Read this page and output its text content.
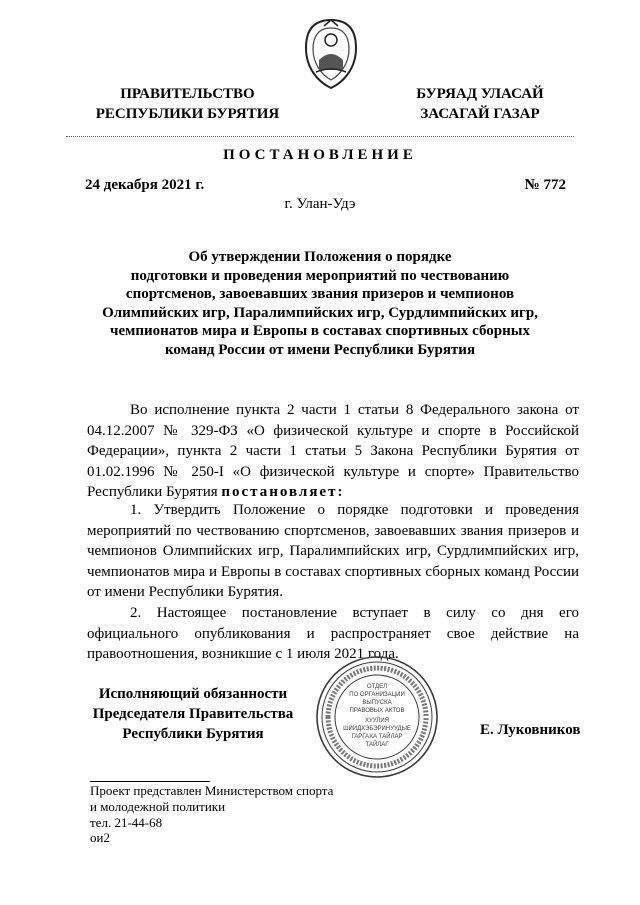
ПРАВИТЕЛЬСТВО
РЕСПУБЛИКИ БУРЯТИЯ
БУРЯАД УЛАСАЙ
ЗАСАГАЙ ГАЗАР
ПОСТАНОВЛЕНИЕ
24 декабря 2021 г.	№ 772
г. Улан-Удэ
Об утверждении Положения о порядке
подготовки и проведения мероприятий по чествованию
спортсменов, завоевавших звания призеров и чемпионов
Олимпийских игр, Паралимпийских игр, Сурдлимпийских игр,
чемпионатов мира и Европы в составах спортивных сборных
команд России от имени Республики Бурятия
Во исполнение пункта 2 части 1 статьи 8 Федерального закона от 04.12.2007 № 329-ФЗ «О физической культуре и спорте в Российской Федерации», пункта 2 части 1 статьи 5 Закона Республики Бурятия от 01.02.1996 № 250-I «О физической культуре и спорте» Правительство Республики Бурятия постановляет:
1. Утвердить Положение о порядке подготовки и проведения мероприятий по чествованию спортсменов, завоевавших звания призеров и чемпионов Олимпийских игр, Паралимпийских игр, Сурдлимпийских игр, чемпионатов мира и Европы в составах спортивных сборных команд России от имени Республики Бурятия.
2. Настоящее постановление вступает в силу со дня его официального опубликования и распространяет свое действие на правоотношения, возникшие с 1 июля 2021 года.
Исполняющий обязанности
Председателя Правительства
Республики Бурятия
ОТДЕЛ
ПО ОРГАНИЗАЦИИ
ВЫПУСКА
ПРАВОВЫХ АКТОВ
ХУУЛИЯ
ШИИДХЭБЭРИНУУДЫЕ
ГАРГАХА ТАЙЛАР
ТАЙЛАГ
Е. Луковников
Проект представлен Министерством спорта
и молодежной политики
тел. 21-44-68
ои2
